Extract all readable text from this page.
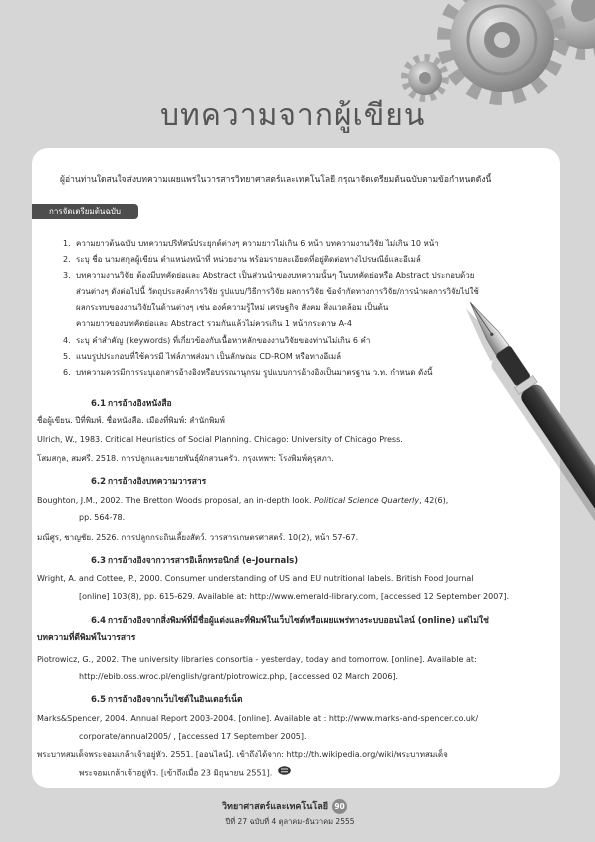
บทความจากผู้เขียน
ผู้อ่านท่านใดสนใจส่งบทความเผยแพร่ในวารสารวิทยาศาสตร์และเทคโนโลยี กรุณาจัดเตรียมต้นฉบับตามข้อกำหนดดังนี้
การจัดเตรียมต้นฉบับ
1. ความยาวต้นฉบับ บทความปริทัศน์ประยุกต์ต่างๆ ความยาวไม่เกิน 6 หน้า บทความงานวิจัย ไม่เกิน 10 หน้า
2. ระบุ ชื่อ นามสกุลผู้เขียน ตำแหน่งหน้าที่ หน่วยงาน พร้อมรายละเอียดที่อยู่ติดต่อทางไปรษณีย์และอีเมล์
3. บทความงานวิจัย ต้องมีบทคัดย่อและ Abstract เป็นส่วนนำของบทความนั้นๆ ในบทคัดย่อหรือ Abstract ประกอบด้วย
ส่วนต่างๆ ดังต่อไปนี้ วัตถุประสงค์การวิจัย รูปแบบ/วิธีการวิจัย ผลการวิจัย ข้อจำกัดทางการวิจัย/การนำผลการวิจัยไปใช้
ผลกระทบของงานวิจัยในด้านต่างๆ เช่น องค์ความรู้ใหม่ เศรษฐกิจ สังคม สิ่งแวดล้อม เป็นต้น
ความยาวของบทคัดย่อและ Abstract รวมกันแล้วไม่ควรเกิน 1 หน้ากระดาษ A-4
4. ระบุ คำสำคัญ (keywords) ที่เกี่ยวข้องกับเนื้อหาหลักของงานวิจัยของท่านไม่เกิน 6 คำ
5. แนบรูปประกอบที่ใช้ควรมี ไฟล์ภาพส่งมา เป็นลักษณะ CD-ROM หรือทางอีเมล์
6. บทความควรมีการระบุเอกสารอ้างอิงหรือบรรณานุกรม รูปแบบการอ้างอิงเป็นมาตรฐาน ว.ท. กำหนด ดังนี้
6.1 การอ้างอิงหนังสือ
ชื่อผู้เขียน. ปีที่พิมพ์. ชื่อหนังสือ. เมืองที่พิมพ์: สำนักพิมพ์
Ulrich, W., 1983. Critical Heuristics of Social Planning. Chicago: University of Chicago Press.
โสมสกุล, สมศรี. 2518. การปลูกและขยายพันธุ์ผักสวนครัว. กรุงเทพฯ: โรงพิมพ์คุรุสภา.
6.2 การอ้างอิงบทความวารสาร
Boughton, J.M., 2002. The Bretton Woods proposal, an in-depth look. Political Science Quarterly, 42(6),
pp. 564-78.
มณีศูร, ชาญชัย. 2526. การปลูกกระถินเลี้ยงสัตว์. วารสารเกษตรศาสตร์. 10(2), หน้า 57-67.
6.3 การอ้างอิงจากวารสารอิเล็กทรอนิกส์ (e-Journals)
Wright, A. and Cottee, P., 2000. Consumer understanding of US and EU nutritional labels. British Food Journal
[online] 103(8), pp. 615-629. Available at: http://www.emerald-library.com, [accessed 12 September 2007].
6.4 การอ้างอิงจากสิ่งพิมพ์ที่มีชื่อผู้แต่งและที่พิมพ์ในเว็บไซต์หรือเผยแพร่ทางระบบออนไลน์ (online) แต่ไม่ใช่
บทความที่ตีพิมพ์ในวารสาร
Piotrowicz, G., 2002. The university libraries consortia - yesterday, today and tomorrow. [online]. Available at:
http://ebib.oss.wroc.pl/english/grant/piotrowicz.php, [accessed 02 March 2006].
6.5 การอ้างอิงจากเว็บไซต์ในอินเตอร์เน็ต
Marks&Spencer, 2004. Annual Report 2003-2004. [online]. Available at : http://www.marks-and-spencer.co.uk/
corporate/annual2005/ , [accessed 17 September 2005].
พระบาทสมเด็จพระจอมเกล้าเจ้าอยู่หัว. 2551. [ออนไลน์]. เข้าถึงได้จาก: http://th.wikipedia.org/wiki/พระบาทสมเด็จ
พระจอมเกล้าเจ้าอยู่หัว. [เข้าถึงเมื่อ 23 มิถุนายน 2551].
วิทยาศาสตร์และเทคโนโลยี 90
ปีที่ 27 ฉบับที่ 4 ตุลาคม-ธันวาคม 2555
